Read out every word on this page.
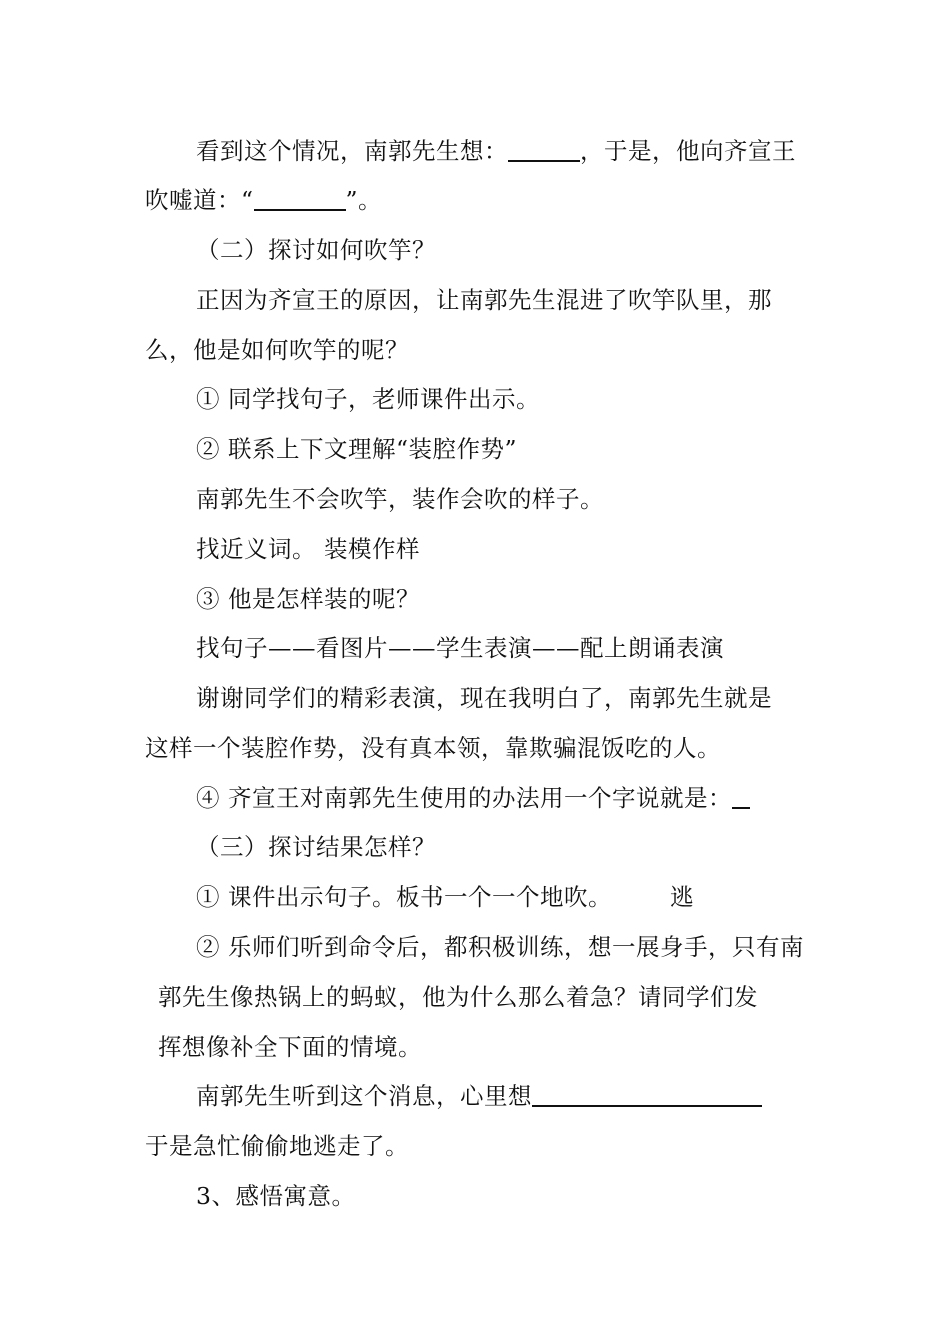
看到这个情况，南郭先生想：	，于是，他向齐宣王
吹嘘道：“	”。
（二）探讨如何吹竽？
正因为齐宣王的原因，让南郭先生混进了吹竽队里，那
么，他是如何吹竽的呢？
① 同学找句子，老师课件出示。
② 联系上下文理解“装腔作势”
南郭先生不会吹竽，装作会吹的样子。
找近义词。 装模作样
③ 他是怎样装的呢？
找句子——看图片——学生表演——配上朗诵表演
谢谢同学们的精彩表演，现在我明白了，南郭先生就是
这样一个装腔作势，没有真本领，靠欺骗混饭吃的人。
④ 齐宣王对南郭先生使用的办法用一个字说就是：
（三）探讨结果怎样？
① 课件出示句子。板书一个一个地吹。 逃
② 乐师们听到命令后，都积极训练，想一展身手，只有南
郭先生像热锅上的蚂蚁，他为什么那么着急？请同学们发
挥想像补全下面的情境。
南郭先生听到这个消息，心里想
于是急忙偷偷地逃走了。
3、感悟寓意。
